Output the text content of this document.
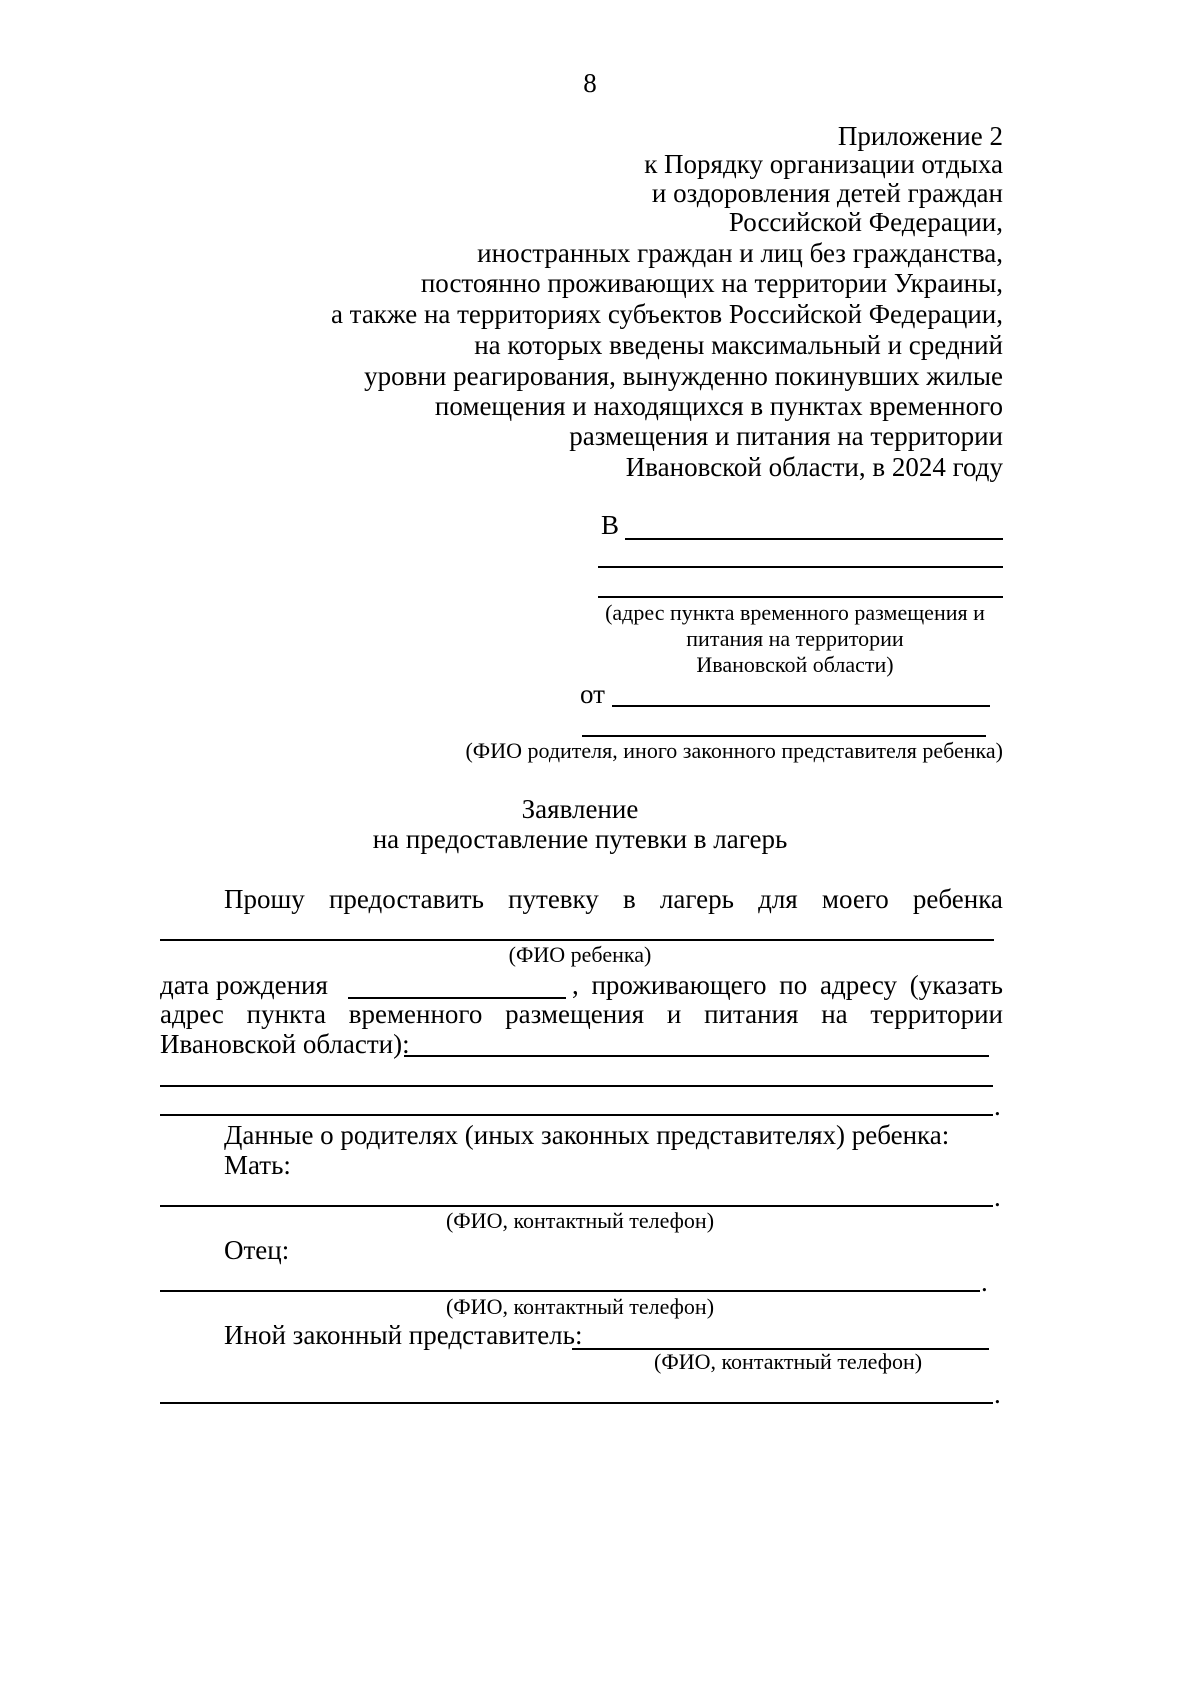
8
Приложение 2
к Порядку организации отдыха
и оздоровления детей граждан
Российской Федерации,
иностранных граждан и лиц без гражданства,
постоянно проживающих на территории Украины,
а также на территориях субъектов Российской Федерации,
на которых введены максимальный и средний
уровни реагирования, вынужденно покинувших жилые
помещения и находящихся в пунктах временного
размещения и питания на территории
Ивановской области, в 2024 году
В
(адрес пункта временного размещения и
питания на территории
Ивановской области)
от
(ФИО родителя, иного законного представителя ребенка)
Заявление
на предоставление путевки в лагерь
Прошу предоставить путевку в лагерь для моего ребенка
(ФИО ребенка)
дата рождения	, проживающего по адресу (указать
адрес пункта временного размещения и питания на территории
Ивановской области):
.
Данные о родителях (иных законных представителях) ребенка:
Мать:
.
(ФИО, контактный телефон)
Отец:
.
(ФИО, контактный телефон)
Иной законный представитель:
(ФИО, контактный телефон)
.
